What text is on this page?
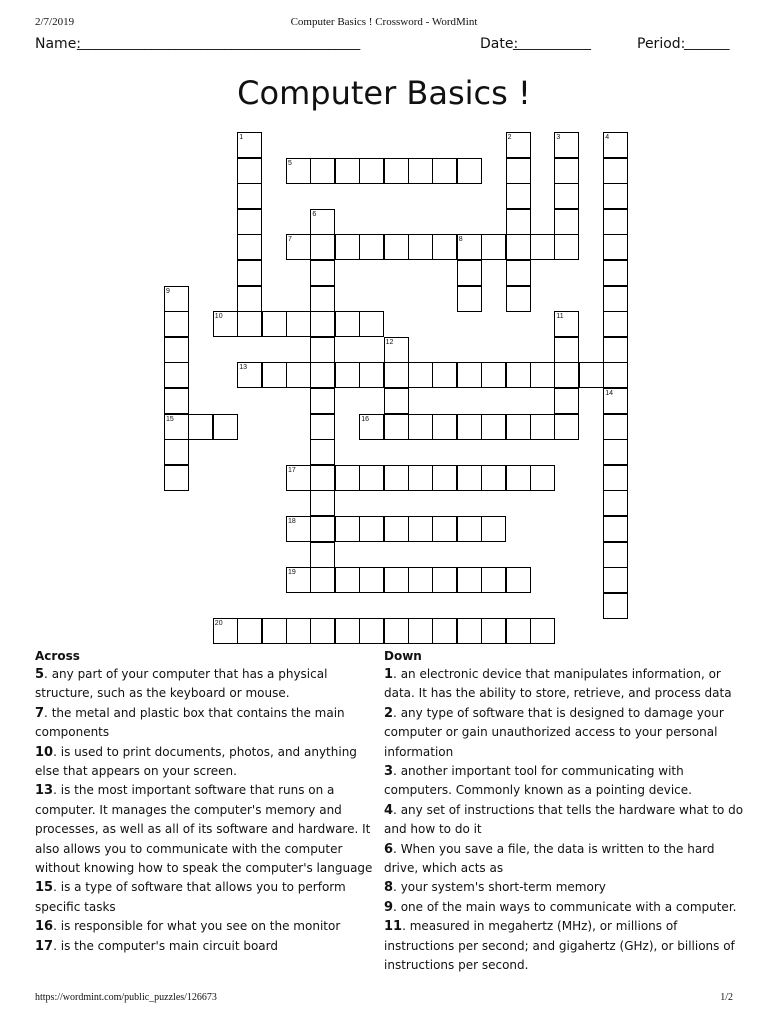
2/7/2019	Computer Basics ! Crossword - WordMint
Name:
______________________________________________	Date:
____________	Period:
_______
Computer Basics !
1	2	3	4
5
6
7	8
9
10	11
12
13
14
15	16
17
18
19
20
Across

5. any part of your computer that has a physical structure, such as the keyboard or mouse.

7. the metal and plastic box that contains the main components

10. is used to print documents, photos, and anything else that appears on your screen.

13. is the most important software that runs on a computer. It manages the computer's memory and processes, as well as all of its software and hardware. It also allows you to communicate with the computer without knowing how to speak the computer's language

15. is a type of software that allows you to perform specific tasks

16. is responsible for what you see on the monitor

17. is the computer's main circuit board

Down

1. an electronic device that manipulates information, or data. It has the ability to store, retrieve, and process data

2. any type of software that is designed to damage your computer or gain unauthorized access to your personal information

3. another important tool for communicating with computers. Commonly known as a pointing device.

4. any set of instructions that tells the hardware what to do and how to do it

6. When you save a file, the data is written to the hard drive, which acts as

8. your system's short-term memory

9. one of the main ways to communicate with a computer.

11. measured in megahertz (MHz), or millions of instructions per second; and gigahertz (GHz), or billions of instructions per second.

https://wordmint.com/public_puzzles/126673	1/2
